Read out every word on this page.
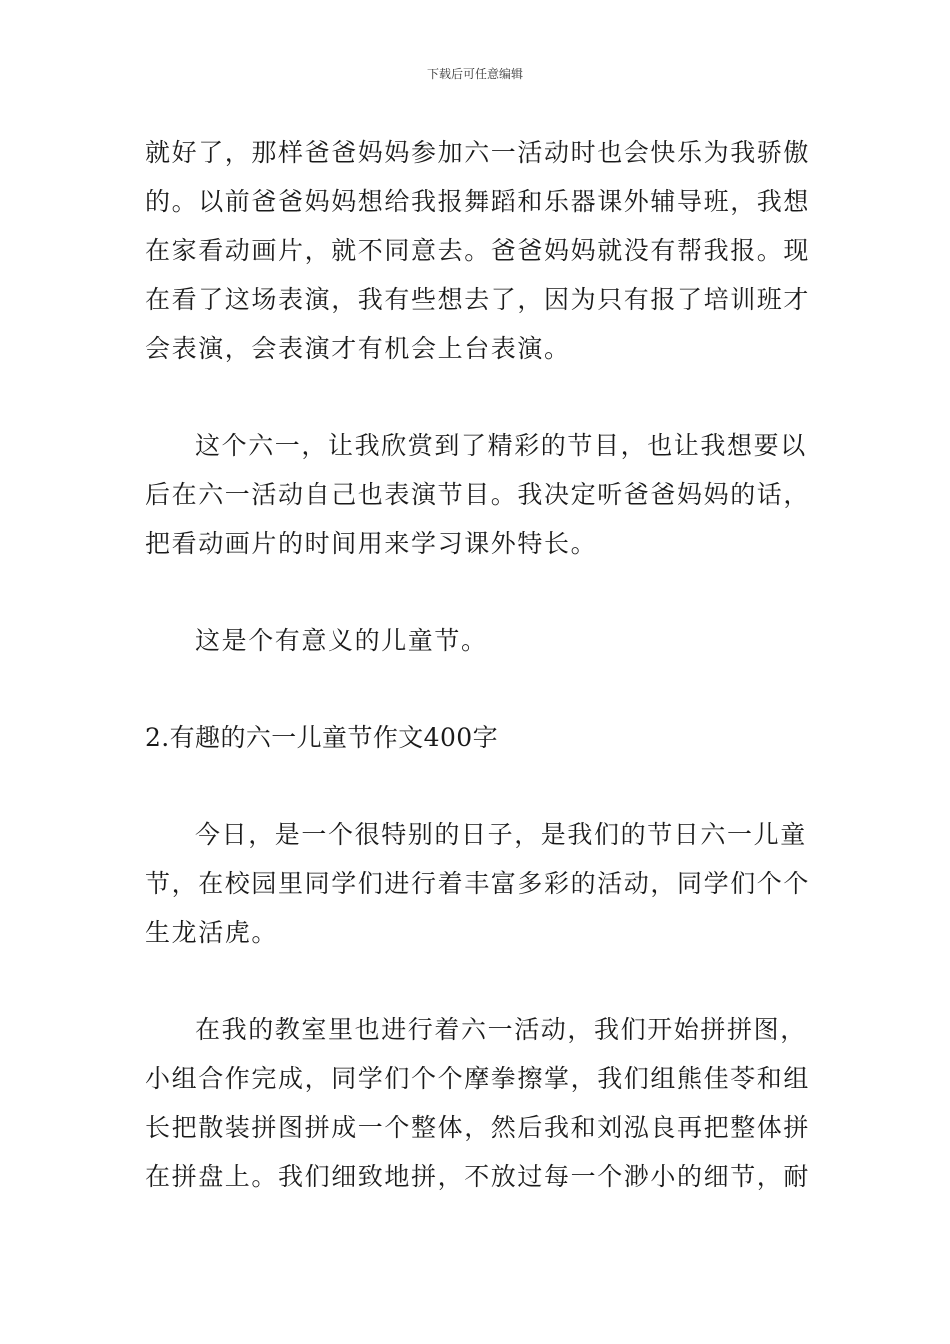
下载后可任意编辑
就好了，那样爸爸妈妈参加六一活动时也会快乐为我骄傲
的。以前爸爸妈妈想给我报舞蹈和乐器课外辅导班，我想
在家看动画片，就不同意去。爸爸妈妈就没有帮我报。现
在看了这场表演，我有些想去了，因为只有报了培训班才
会表演，会表演才有机会上台表演。
这个六一，让我欣赏到了精彩的节目，也让我想要以
后在六一活动自己也表演节目。我决定听爸爸妈妈的话，
把看动画片的时间用来学习课外特长。
这是个有意义的儿童节。
2.有趣的六一儿童节作文400字
今日，是一个很特别的日子，是我们的节日六一儿童
节，在校园里同学们进行着丰富多彩的活动，同学们个个
生龙活虎。
在我的教室里也进行着六一活动，我们开始拼拼图，
小组合作完成，同学们个个摩拳擦掌，我们组熊佳苓和组
长把散装拼图拼成一个整体，然后我和刘泓良再把整体拼
在拼盘上。我们细致地拼，不放过每一个渺小的细节，耐
